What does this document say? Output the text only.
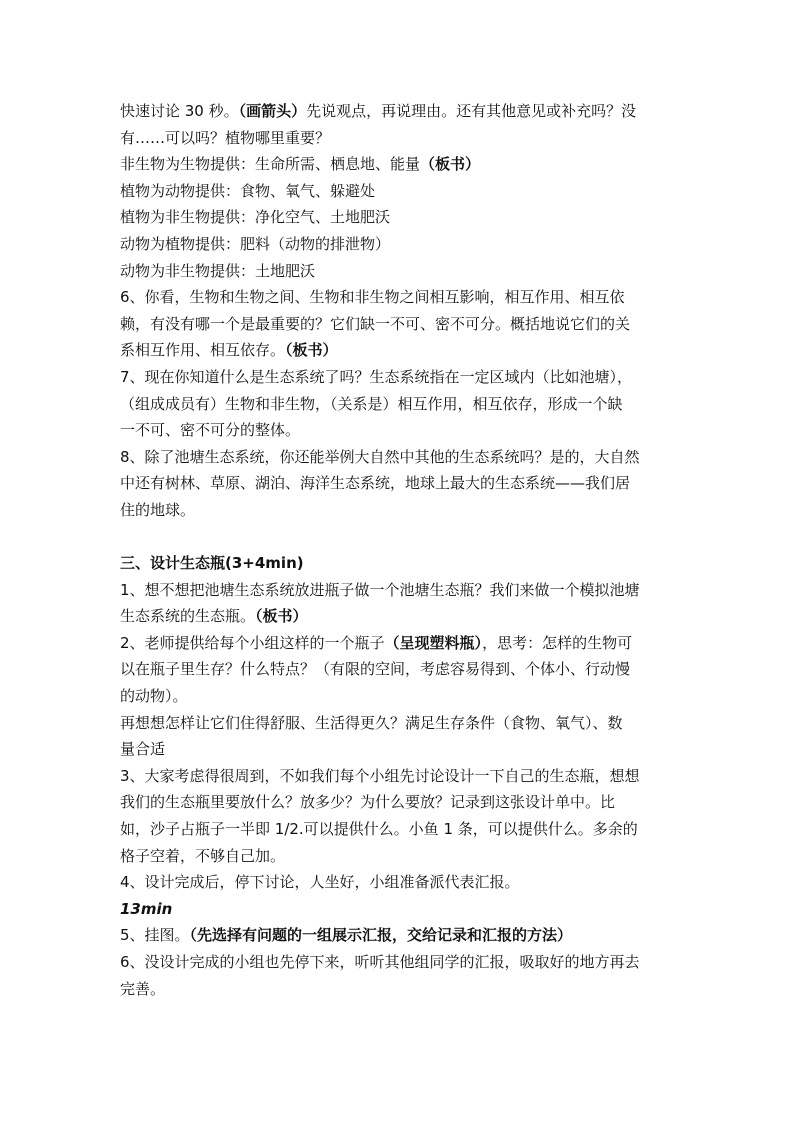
快速讨论 30 秒。（画箭头）先说观点，再说理由。还有其他意见或补充吗？没
有……可以吗？植物哪里重要？
非生物为生物提供：生命所需、栖息地、能量（板书）
植物为动物提供：食物、氧气、躲避处
植物为非生物提供：净化空气、土地肥沃
动物为植物提供：肥料（动物的排泄物）
动物为非生物提供：土地肥沃
6、你看，生物和生物之间、生物和非生物之间相互影响，相互作用、相互依
赖，有没有哪一个是最重要的？它们缺一不可、密不可分。概括地说它们的关
系相互作用、相互依存。（板书）
7、现在你知道什么是生态系统了吗？生态系统指在一定区域内（比如池塘），
（组成成员有）生物和非生物，（关系是）相互作用，相互依存，形成一个缺
一不可、密不可分的整体。
8、除了池塘生态系统，你还能举例大自然中其他的生态系统吗？是的，大自然
中还有树林、草原、湖泊、海洋生态系统，地球上最大的生态系统——我们居
住的地球。
三、设计生态瓶(3+4min)
1、想不想把池塘生态系统放进瓶子做一个池塘生态瓶？我们来做一个模拟池塘
生态系统的生态瓶。（板书）
2、老师提供给每个小组这样的一个瓶子（呈现塑料瓶），思考：怎样的生物可
以在瓶子里生存？什么特点？（有限的空间，考虑容易得到、个体小、行动慢
的动物）。
再想想怎样让它们住得舒服、生活得更久？满足生存条件（食物、氧气）、数
量合适
3、大家考虑得很周到，不如我们每个小组先讨论设计一下自己的生态瓶，想想
我们的生态瓶里要放什么？放多少？为什么要放？记录到这张设计单中。比
如，沙子占瓶子一半即 1/2.可以提供什么。小鱼 1 条，可以提供什么。多余的
格子空着，不够自己加。
4、设计完成后，停下讨论，人坐好，小组准备派代表汇报。
13min
5、挂图。（先选择有问题的一组展示汇报，交给记录和汇报的方法）
6、没设计完成的小组也先停下来，听听其他组同学的汇报，吸取好的地方再去
完善。
